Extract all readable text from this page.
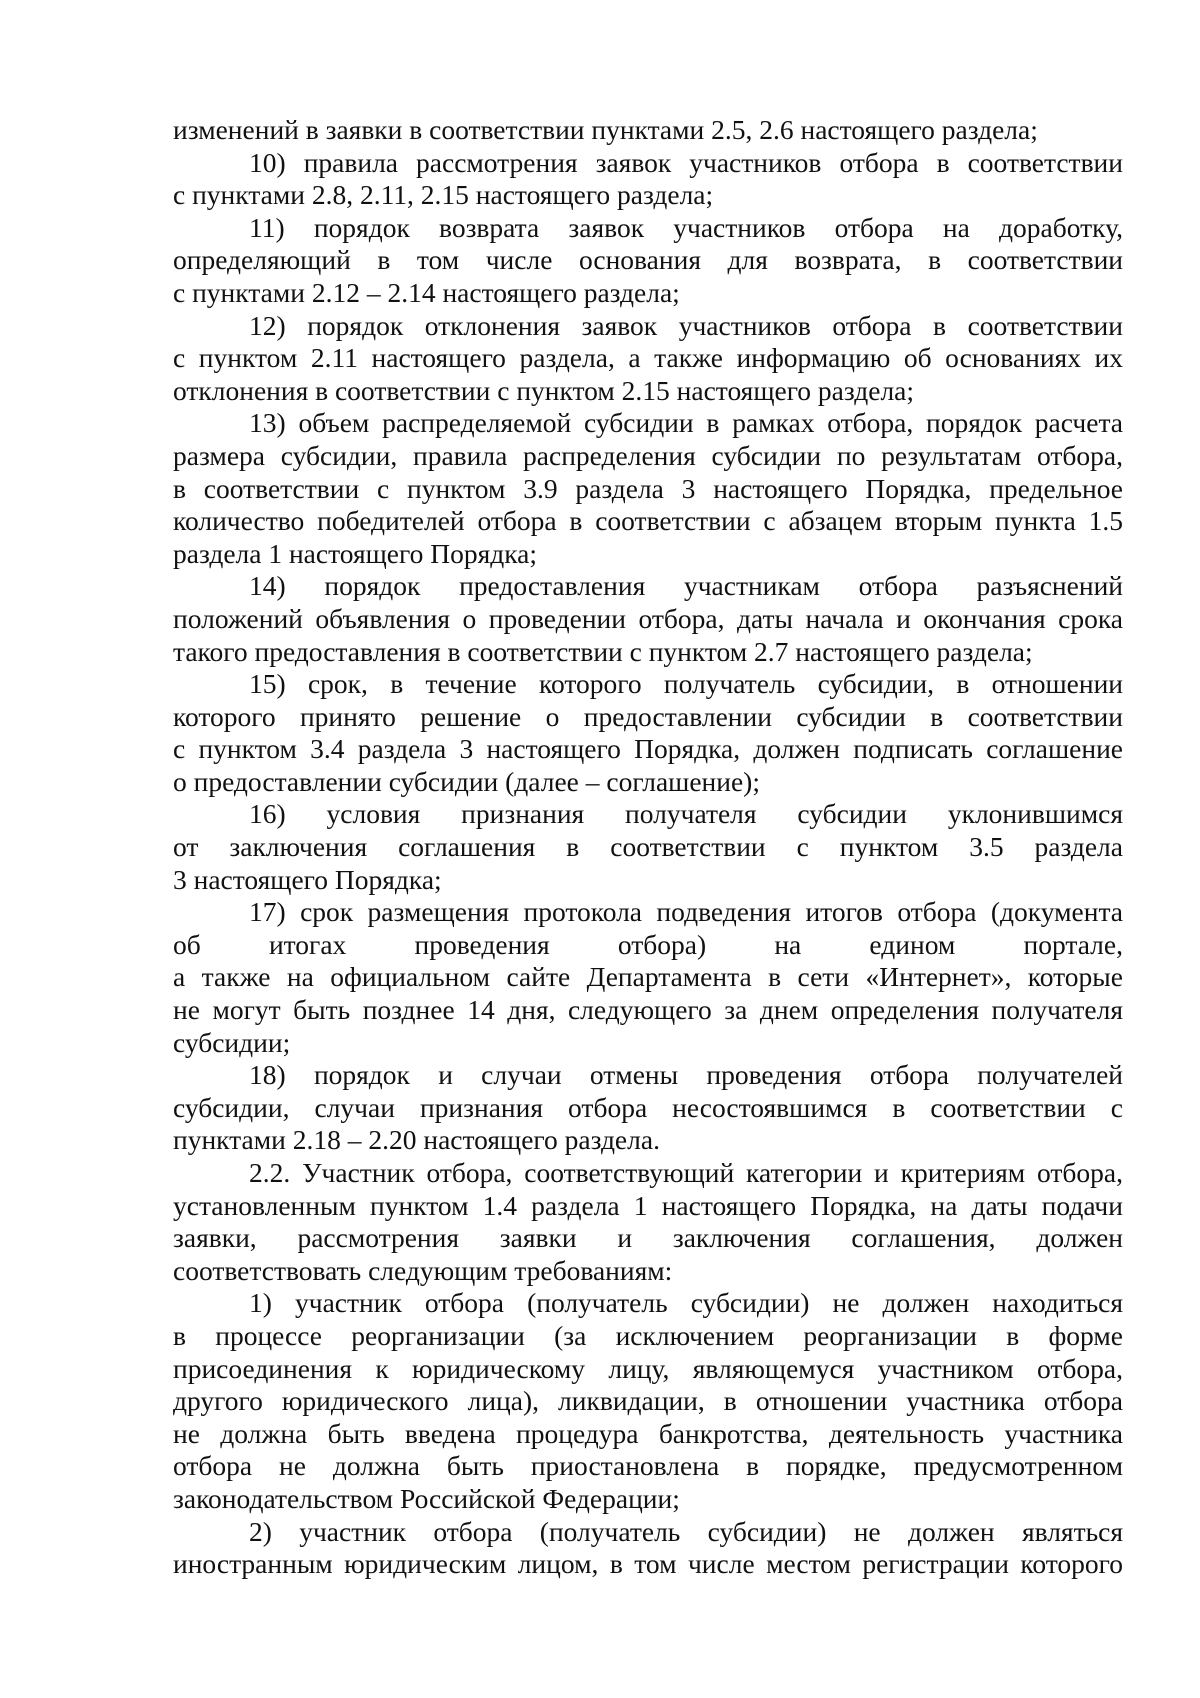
изменений в заявки в соответствии пунктами 2.5, 2.6 настоящего раздела;
10) правила рассмотрения заявок участников отбора в соответствии
с пунктами 2.8, 2.11, 2.15 настоящего раздела;
11) порядок возврата заявок участников отбора на доработку,
определяющий в том числе основания для возврата, в соответствии
с пунктами 2.12 – 2.14 настоящего раздела;
12) порядок отклонения заявок участников отбора в соответствии
с пунктом 2.11 настоящего раздела, а также информацию об основаниях их
отклонения в соответствии с пунктом 2.15 настоящего раздела;
13) объем распределяемой субсидии в рамках отбора, порядок расчета
размера субсидии, правила распределения субсидии по результатам отбора,
в соответствии с пунктом 3.9 раздела 3 настоящего Порядка, предельное
количество победителей отбора в соответствии с абзацем вторым пункта 1.5
раздела 1 настоящего Порядка;
14) порядок предоставления участникам отбора разъяснений
положений объявления о проведении отбора, даты начала и окончания срока
такого предоставления в соответствии с пунктом 2.7 настоящего раздела;
15) срок, в течение которого получатель субсидии, в отношении
которого принято решение о предоставлении субсидии в соответствии
с пунктом 3.4 раздела 3 настоящего Порядка, должен подписать соглашение
о предоставлении субсидии (далее – соглашение);
16) условия признания получателя субсидии уклонившимся
от заключения соглашения в соответствии с пунктом 3.5 раздела
3 настоящего Порядка;
17) срок размещения протокола подведения итогов отбора (документа
об итогах проведения отбора) на едином портале,
а также на официальном сайте Департамента в сети «Интернет», которые
не могут быть позднее 14 дня, следующего за днем определения получателя
субсидии;
18) порядок и случаи отмены проведения отбора получателей
субсидии, случаи признания отбора несостоявшимся в соответствии с
пунктами 2.18 – 2.20 настоящего раздела.
2.2. Участник отбора, соответствующий категории и критериям отбора,
установленным пунктом 1.4 раздела 1 настоящего Порядка, на даты подачи
заявки, рассмотрения заявки и заключения соглашения, должен
соответствовать следующим требованиям:
1) участник отбора (получатель субсидии) не должен находиться
в процессе реорганизации (за исключением реорганизации в форме
присоединения к юридическому лицу, являющемуся участником отбора,
другого юридического лица), ликвидации, в отношении участника отбора
не должна быть введена процедура банкротства, деятельность участника
отбора не должна быть приостановлена в порядке, предусмотренном
законодательством Российской Федерации;
2) участник отбора (получатель субсидии) не должен являться
иностранным юридическим лицом, в том числе местом регистрации которого
